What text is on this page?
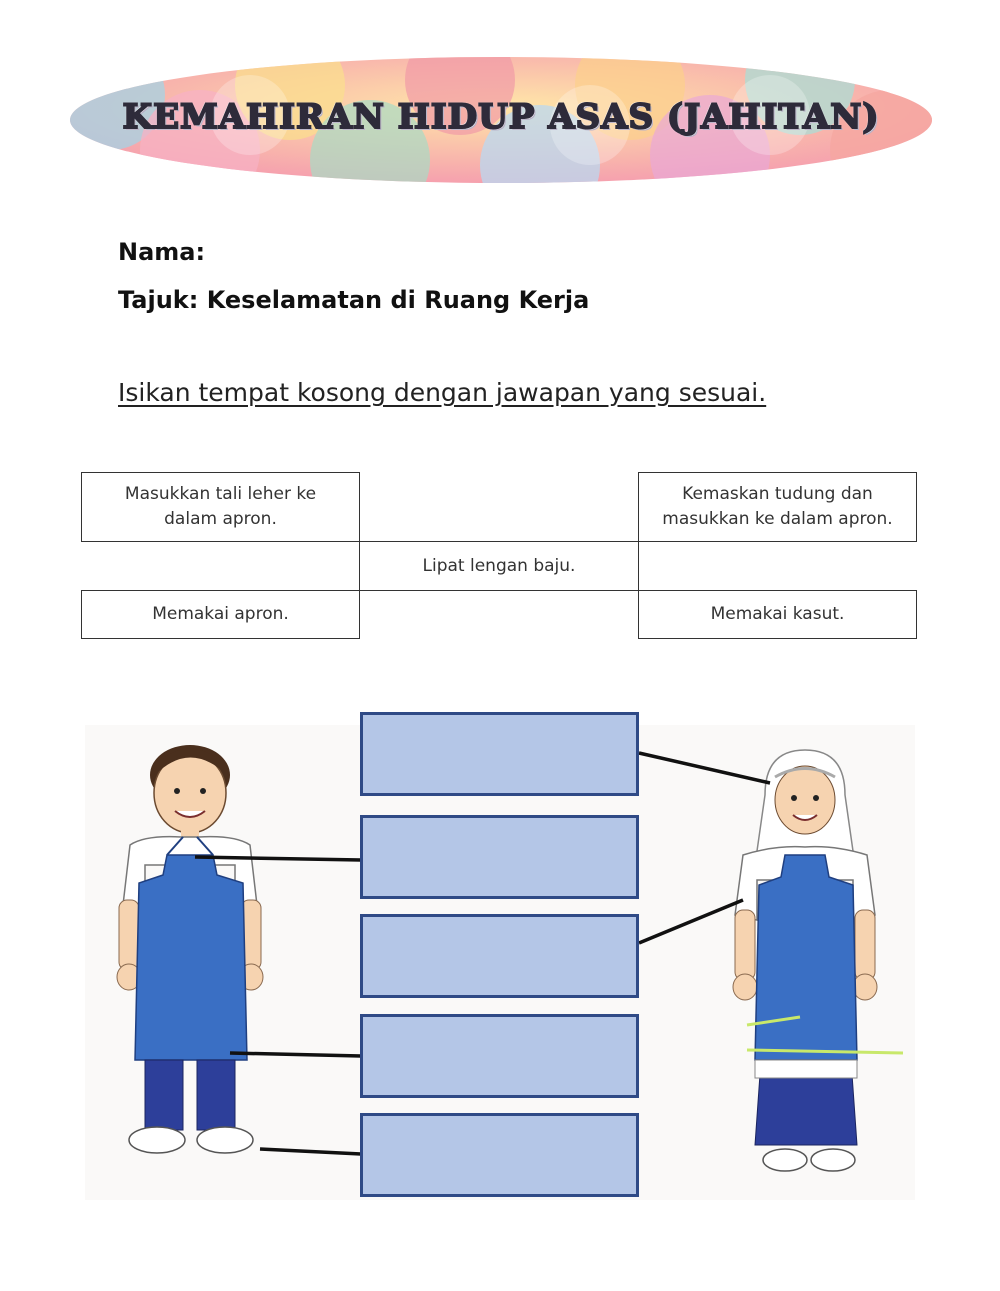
KEMAHIRAN HIDUP ASAS (JAHITAN)
Nama:
Tajuk: Keselamatan di Ruang Kerja
Isikan tempat kosong dengan jawapan yang sesuai.
Masukkan tali leher ke dalam apron.
Kemaskan tudung dan masukkan ke dalam apron.
Lipat lengan baju.
Memakai apron.	Memakai kasut.
